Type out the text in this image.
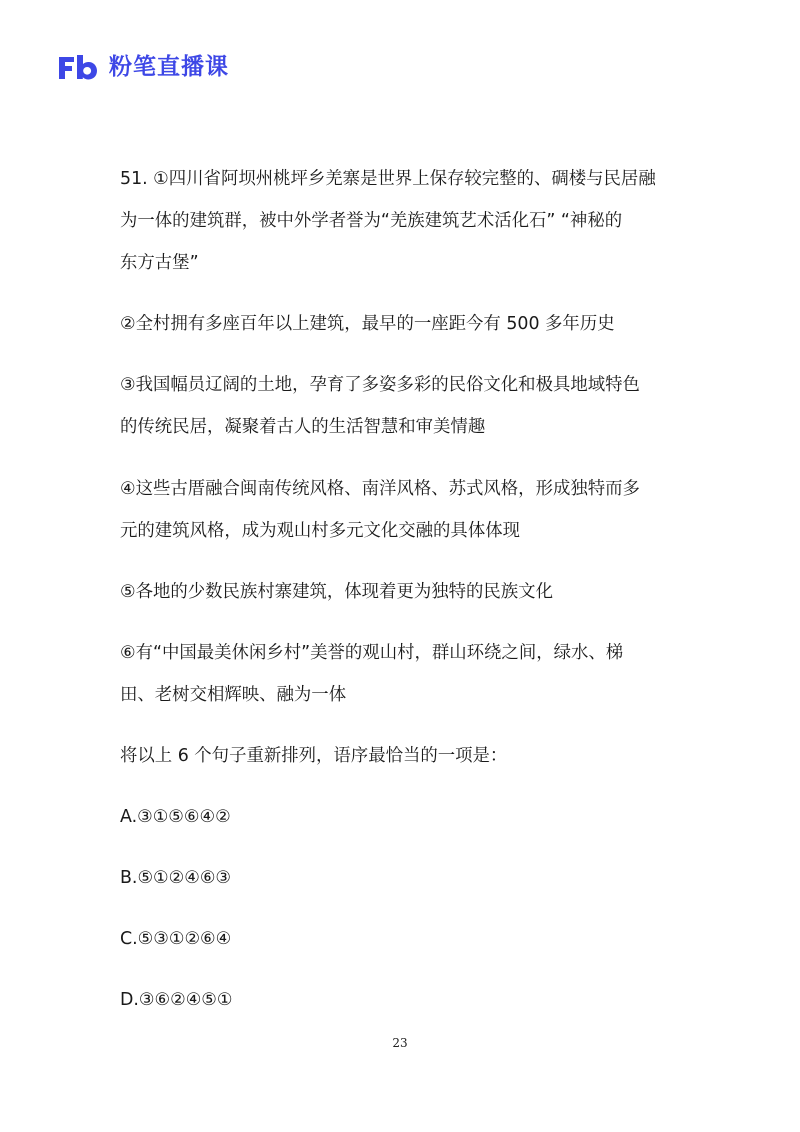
粉笔直播课
51. ①四川省阿坝州桃坪乡羌寨是世界上保存较完整的、碉楼与民居融
为一体的建筑群，被中外学者誉为“羌族建筑艺术活化石” “神秘的
东方古堡”
②全村拥有多座百年以上建筑，最早的一座距今有 500 多年历史
③我国幅员辽阔的土地，孕育了多姿多彩的民俗文化和极具地域特色
的传统民居，凝聚着古人的生活智慧和审美情趣
④这些古厝融合闽南传统风格、南洋风格、苏式风格，形成独特而多
元的建筑风格，成为观山村多元文化交融的具体体现
⑤各地的少数民族村寨建筑，体现着更为独特的民族文化
⑥有“中国最美休闲乡村”美誉的观山村，群山环绕之间，绿水、梯
田、老树交相辉映、融为一体
将以上 6 个句子重新排列，语序最恰当的一项是：
A.③①⑤⑥④②
B.⑤①②④⑥③
C.⑤③①②⑥④
D.③⑥②④⑤①
23
